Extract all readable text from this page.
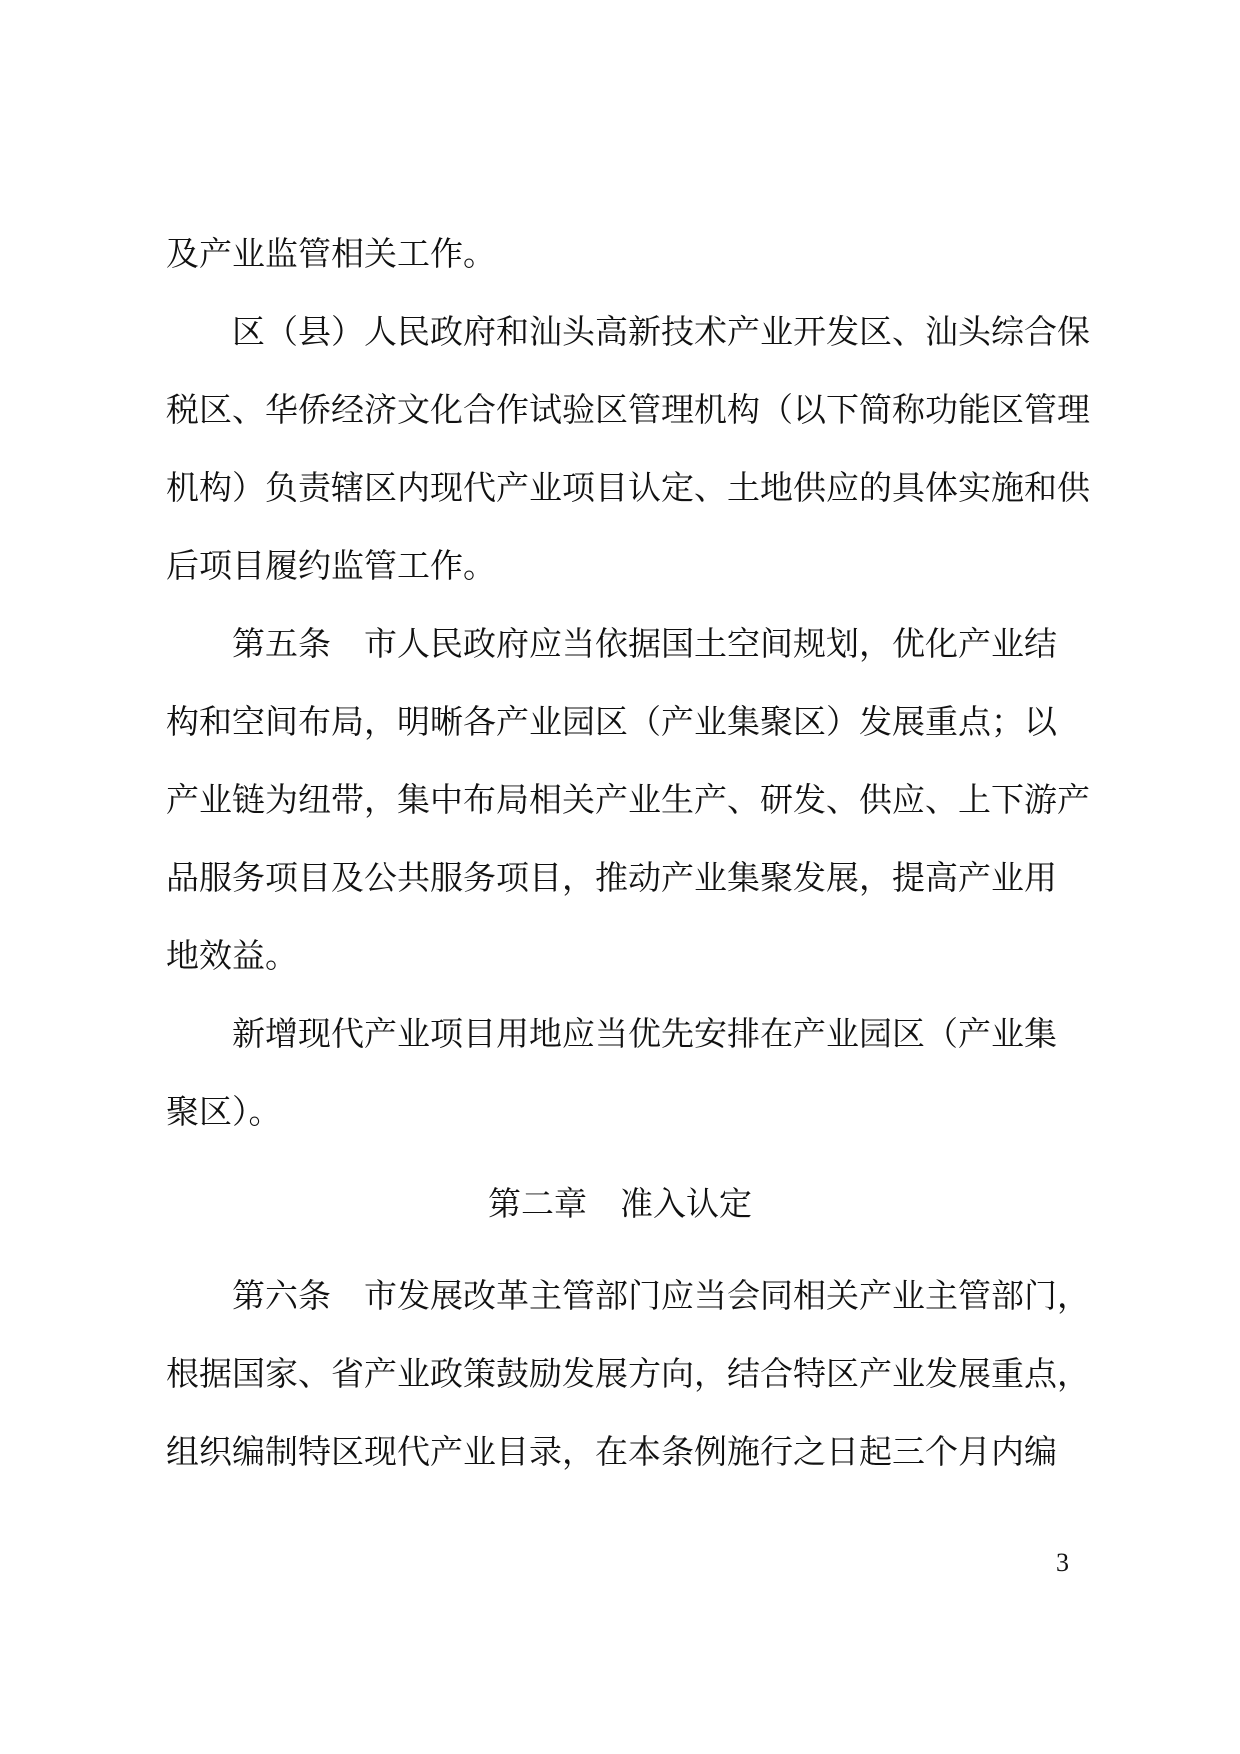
及产业监管相关工作。
区（县）人民政府和汕头高新技术产业开发区、汕头综合保
税区、华侨经济文化合作试验区管理机构（以下简称功能区管理
机构）负责辖区内现代产业项目认定、土地供应的具体实施和供
后项目履约监管工作。
第五条　市人民政府应当依据国土空间规划，优化产业结
构和空间布局，明晰各产业园区（产业集聚区）发展重点；以
产业链为纽带，集中布局相关产业生产、研发、供应、上下游产
品服务项目及公共服务项目，推动产业集聚发展，提高产业用
地效益。
新增现代产业项目用地应当优先安排在产业园区（产业集
聚区）。
第二章　准入认定
第六条　市发展改革主管部门应当会同相关产业主管部门，
根据国家、省产业政策鼓励发展方向，结合特区产业发展重点，
组织编制特区现代产业目录，在本条例施行之日起三个月内编
3
